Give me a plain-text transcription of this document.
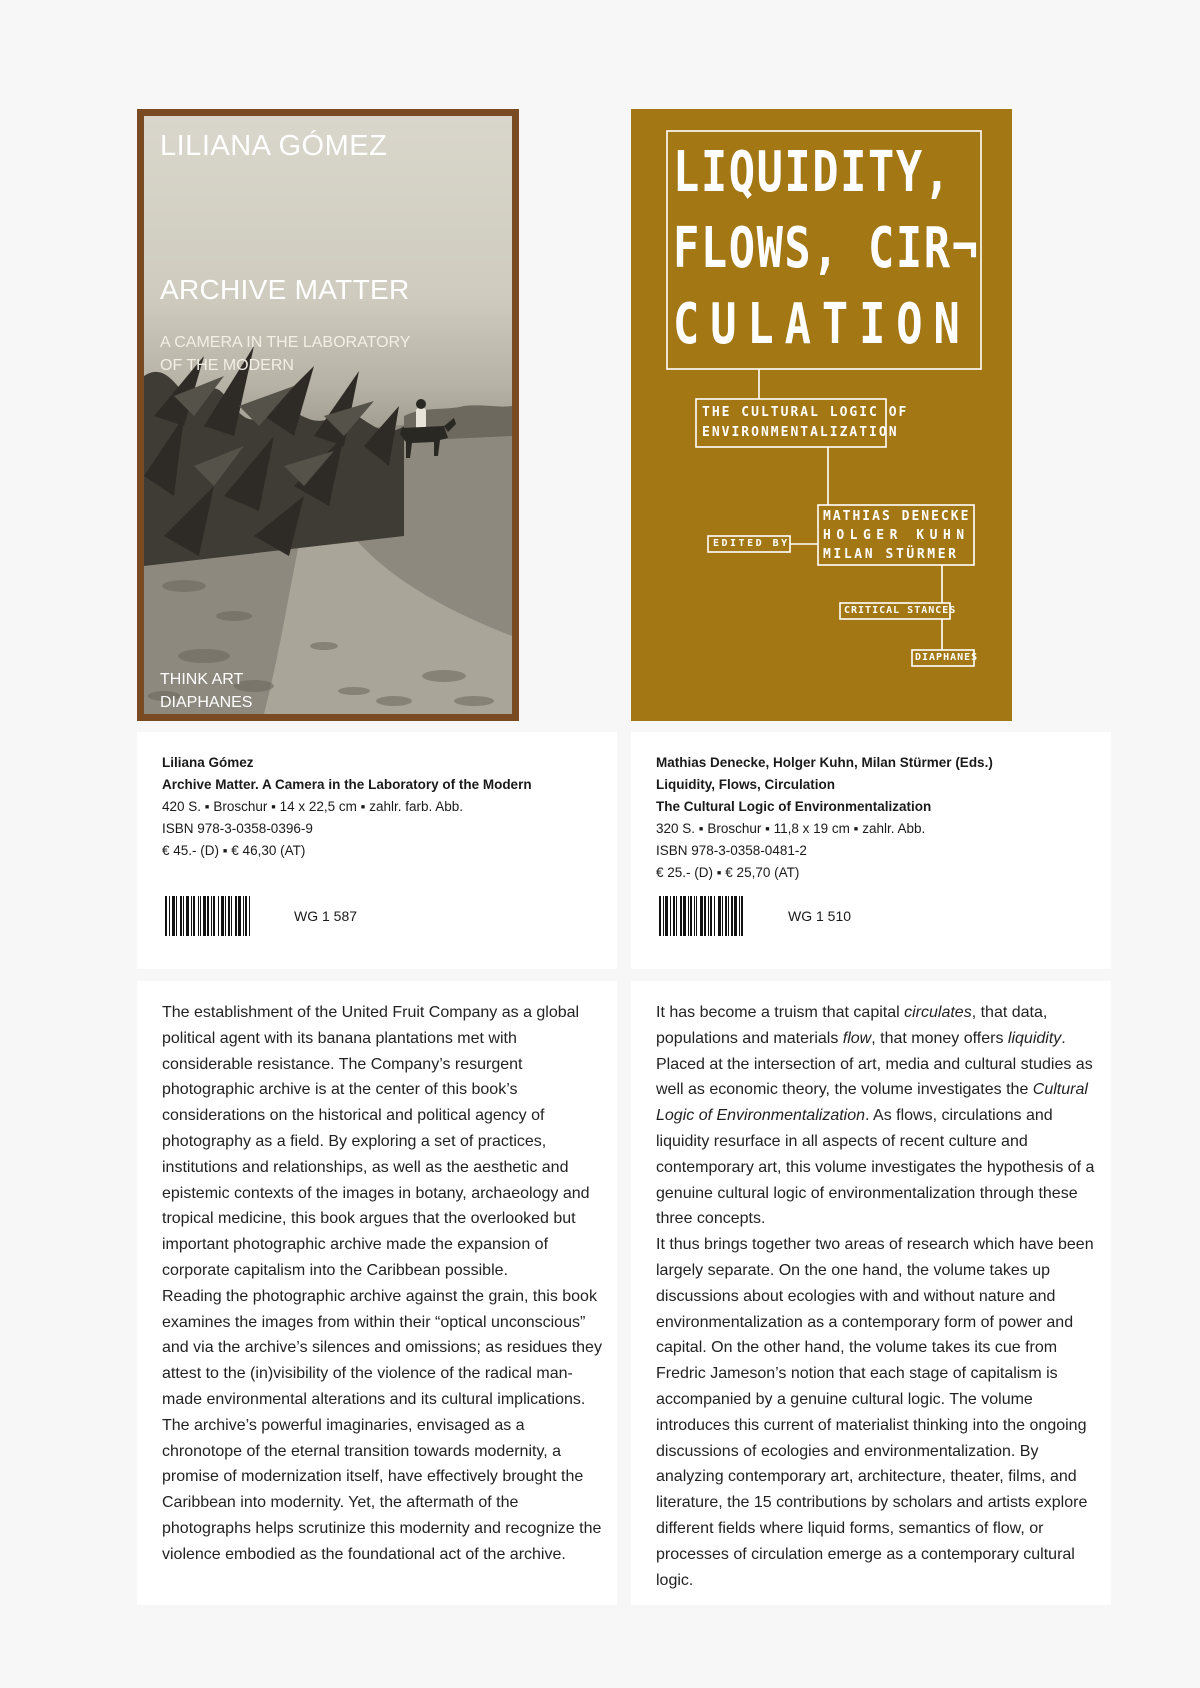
LILIANA GÓMEZ
ARCHIVE MATTER
A CAMERA IN THE LABORATORY
OF THE MODERN
THINK ART
DIAPHANES
LIQUIDITY,
FLOWS, CIR¬
CULATION
THE CULTURAL LOGIC OF
ENVIRONMENTALIZATION
EDITED BY
MATHIAS DENECKE
HOLGER KUHN
MILAN STÜRMER
CRITICAL STANCES
DIAPHANES
Liliana Gómez
Archive Matter. A Camera in the Laboratory of the Modern
420 S. ▪ Broschur ▪ 14 x 22,5 cm ▪ zahlr. farb. Abb.
ISBN 978-3-0358-0396-9
€ 45.- (D) ▪ € 46,30 (AT)
WG 1 587
Mathias Denecke, Holger Kuhn, Milan Stürmer (Eds.)
Liquidity, Flows, Circulation
The Cultural Logic of Environmentalization
320 S. ▪ Broschur ▪ 11,8 x 19 cm ▪ zahlr. Abb.
ISBN 978-3-0358-0481-2
€ 25.- (D) ▪ € 25,70 (AT)
WG 1 510

The establishment of the United Fruit Company as a global political agent with its banana plantations met with considerable resistance. The Company’s resurgent photographic archive is at the center of this book’s considerations on the historical and political agency of photography as a field. By exploring a set of practices, institutions and relationships, as well as the aesthetic and epistemic contexts of the images in botany, archaeology and tropical medicine, this book argues that the overlooked but important photographic archive made the expansion of corporate capitalism into the Caribbean possible.

Reading the photographic archive against the grain, this book examines the images from within their “optical unconscious” and via the archive’s silences and omissions; as residues they attest to the (in)visibility of the violence of the radical man-made environmental alterations and its cultural implications. The archive’s powerful imaginaries, envisaged as a chronotope of the eternal transition towards modernity, a promise of modernization itself, have effectively brought the Caribbean into modernity. Yet, the aftermath of the photographs helps scrutinize this modernity and recognize the violence embodied as the foundational act of the archive.

It has become a truism that capital circulates, that data, populations and materials flow, that money offers liquidity. Placed at the intersection of art, media and cultural studies as well as economic theory, the volume investigates the Cultural Logic of Environmentalization. As flows, circulations and liquidity resurface in all aspects of recent culture and contemporary art, this volume investigates the hypothesis of a genuine cultural logic of environmentalization through these three concepts.

It thus brings together two areas of research which have been largely separate. On the one hand, the volume takes up discussions about ecologies with and without nature and environmentalization as a contemporary form of power and capital. On the other hand, the volume takes its cue from Fredric Jameson’s notion that each stage of capitalism is accompanied by a genuine cultural logic. The volume introduces this current of materialist thinking into the ongoing discussions of ecologies and environmentalization. By analyzing contemporary art, architecture, theater, films, and literature, the 15 contributions by scholars and artists explore different fields where liquid forms, semantics of flow, or processes of circulation emerge as a contemporary cultural logic.
